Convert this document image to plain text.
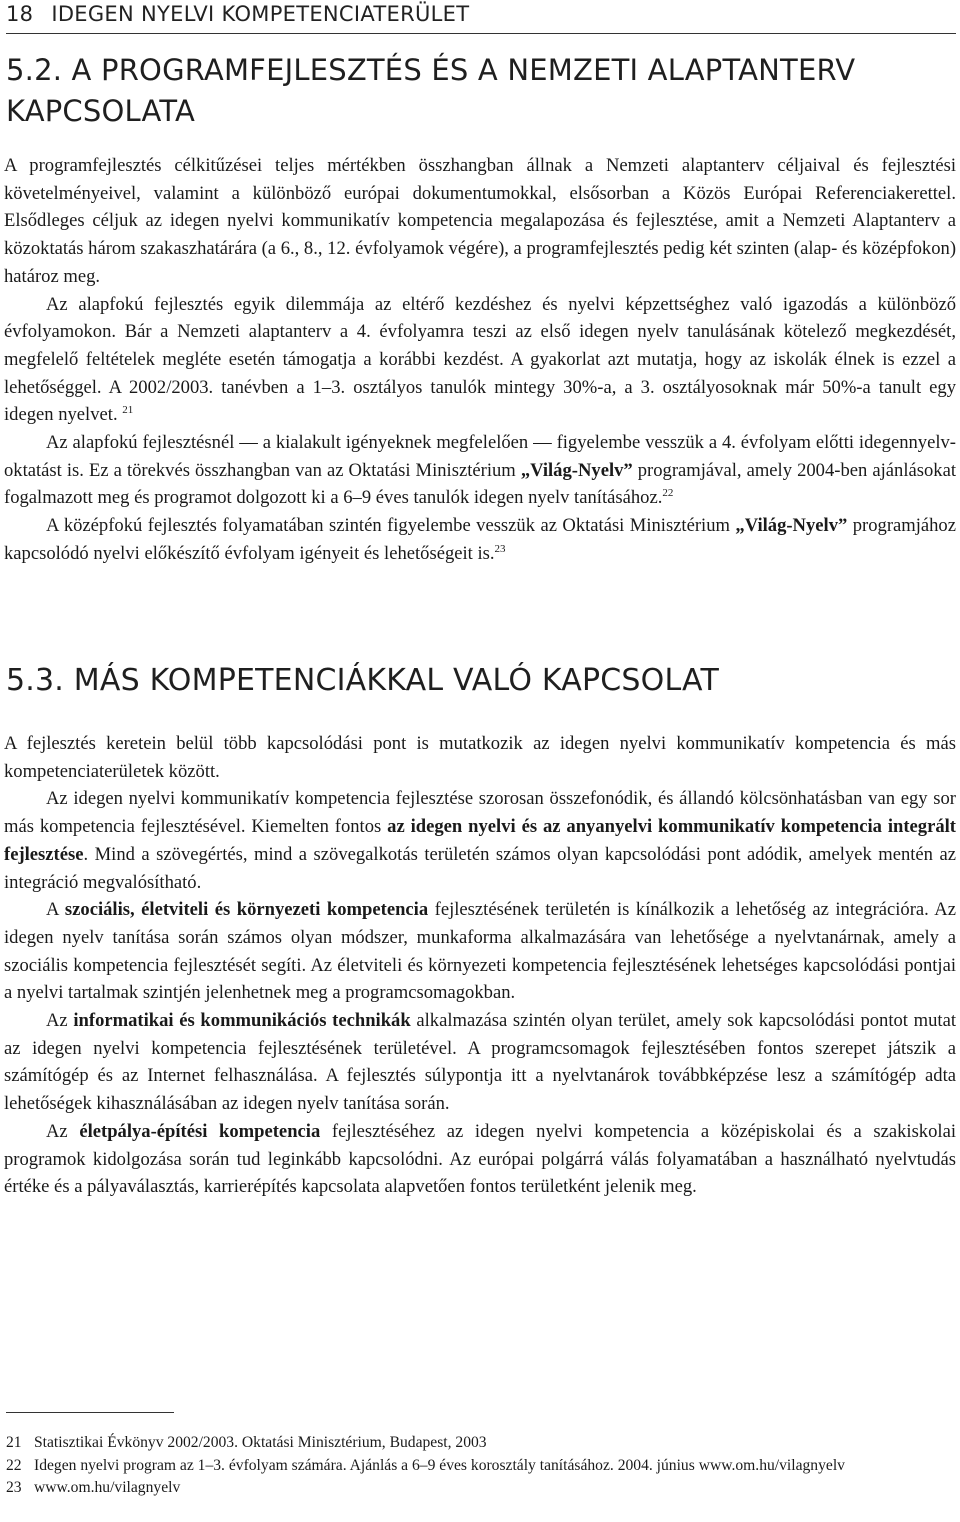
18 IDEGEN NYELVI KOMPETENCIATERÜLET
5.2. A PROGRAMFEJLESZTÉS ÉS A NEMZETI ALAPTANTERV KAPCSOLATA

A programfejlesztés célkitűzései teljes mértékben összhangban állnak a Nemzeti alaptanterv céljaival és fejlesztési követelményeivel, valamint a különböző európai dokumentumokkal, elsősorban a Közös Európai Referenciakerettel. Elsődleges céljuk az idegen nyelvi kommunikatív kompetencia megalapozása és fejlesztése, amit a Nemzeti Alaptanterv a közoktatás három szakaszhatárára (a 6., 8., 12. évfolyamok végére), a programfejlesztés pedig két szinten (alap- és középfokon) határoz meg.

Az alapfokú fejlesztés egyik dilemmája az eltérő kezdéshez és nyelvi képzettséghez való igazodás a különböző évfolyamokon. Bár a Nemzeti alaptanterv a 4. évfolyamra teszi az első idegen nyelv tanulásának kötelező megkezdését, megfelelő feltételek megléte esetén támogatja a korábbi kezdést. A gyakorlat azt mutatja, hogy az iskolák élnek is ezzel a lehetőséggel. A 2002/2003. tanévben a 1–3. osztályos tanulók mintegy 30%-a, a 3. osztályosoknak már 50%-a tanult egy idegen nyelvet. $^{21}$

Az alapfokú fejlesztésnél — a kialakult igényeknek megfelelően — figyelembe vesszük a 4. évfolyam előtti idegennyelv-oktatást is. Ez a törekvés összhangban van az Oktatási Minisztérium „Világ-Nyelv” programjával, amely 2004-ben ajánlásokat fogalmazott meg és programot dolgozott ki a 6–9 éves tanulók idegen nyelv tanításához.$^{22}$

A középfokú fejlesztés folyamatában szintén figyelembe vesszük az Oktatási Minisztérium „Világ-Nyelv” programjához kapcsolódó nyelvi előkészítő évfolyam igényeit és lehetőségeit is.$^{23}$

5.3. MÁS KOMPETENCIÁKKAL VALÓ KAPCSOLAT

A fejlesztés keretein belül több kapcsolódási pont is mutatkozik az idegen nyelvi kommunikatív kompetencia és más kompetenciaterületek között.

Az idegen nyelvi kommunikatív kompetencia fejlesztése szorosan összefonódik, és állandó kölcsönhatásban van egy sor más kompetencia fejlesztésével. Kiemelten fontos az idegen nyelvi és az anyanyelvi kommunikatív kompetencia integrált fejlesztése. Mind a szövegértés, mind a szövegalkotás területén számos olyan kapcsolódási pont adódik, amelyek mentén az integráció megvalósítható.

A szociális, életviteli és környezeti kompetencia fejlesztésének területén is kínálkozik a lehetőség az integrációra. Az idegen nyelv tanítása során számos olyan módszer, munkaforma alkalmazására van lehetősége a nyelvtanárnak, amely a szociális kompetencia fejlesztését segíti. Az életviteli és környezeti kompetencia fejlesztésének lehetséges kapcsolódási pontjai a nyelvi tartalmak szintjén jelenhetnek meg a programcsomagokban.

Az informatikai és kommunikációs technikák alkalmazása szintén olyan terület, amely sok kapcsolódási pontot mutat az idegen nyelvi kompetencia fejlesztésének területével. A programcsomagok fejlesztésében fontos szerepet játszik a számítógép és az Internet felhasználása. A fejlesztés súlypontja itt a nyelvtanárok továbbképzése lesz a számítógép adta lehetőségek kihasználásában az idegen nyelv tanítása során.

Az életpálya-építési kompetencia fejlesztéséhez az idegen nyelvi kompetencia a középiskolai és a szakiskolai programok kidolgozása során tud leginkább kapcsolódni. Az európai polgárrá válás folyamatában a használható nyelvtudás értéke és a pályaválasztás, karrierépítés kapcsolata alapvetően fontos területként jelenik meg.

21 Statisztikai Évkönyv 2002/2003. Oktatási Minisztérium, Budapest, 2003

22 Idegen nyelvi program az 1–3. évfolyam számára. Ajánlás a 6–9 éves korosztály tanításához. 2004. június www.om.hu/vilagnyelv

23 www.om.hu/vilagnyelv
